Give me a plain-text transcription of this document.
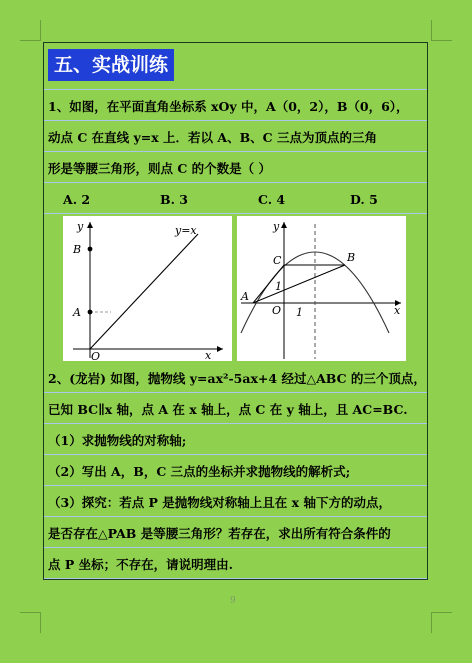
五、实战训练
1、如图，在平面直角坐标系 xOy 中，A（0，2），B（0，6），
动点 C 在直线 y=x 上．若以 A、B、C 三点为顶点的三角
形是等腰三角形，则点 C 的个数是（ ）
A. 2	B. 3	C. 4	D. 5
A
B
O
y
x
y=x
A
B
C
O
1
1
y
x
2、(龙岩) 如图，抛物线 y=ax²-5ax+4 经过△ABC 的三个顶点，
已知 BC∥x 轴，点 A 在 x 轴上，点 C 在 y 轴上，且 AC=BC.
（1）求抛物线的对称轴;
（2）写出 A，B，C 三点的坐标并求抛物线的解析式;
（3）探究：若点 P 是抛物线对称轴上且在 x 轴下方的动点，
是否存在△PAB 是等腰三角形？若存在，求出所有符合条件的
点 P 坐标；不存在，请说明理由.
9
